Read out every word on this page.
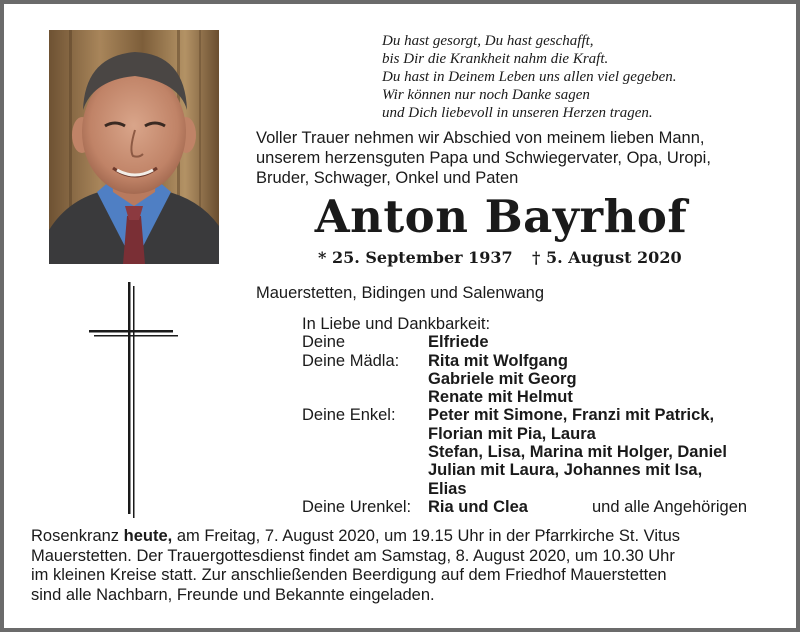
Du hast gesorgt, Du hast geschafft,
bis Dir die Krankheit nahm die Kraft.
Du hast in Deinem Leben uns allen viel gegeben.
Wir können nur noch Danke sagen
und Dich liebevoll in unseren Herzen tragen.
Voller Trauer nehmen wir Abschied von meinem lieben Mann,
unserem herzensguten Papa und Schwiegervater, Opa, Uropi,
Bruder, Schwager, Onkel und Paten
Anton Bayrhof
* 25. September 1937 † 5. August 2020
Mauerstetten, Bidingen und Salenwang
In Liebe und Dankbarkeit:
Deine	Elfriede
Deine Mädla:	Rita mit Wolfgang
Gabriele mit Georg
Renate mit Helmut
Deine Enkel:	Peter mit Simone, Franzi mit Patrick,
Florian mit Pia, Laura
Stefan, Lisa, Marina mit Holger, Daniel
Julian mit Laura, Johannes mit Isa,
Elias
Deine Urenkel:	Ria und Clea	und alle Angehörigen
Rosenkranz heute, am Freitag, 7. August 2020, um 19.15 Uhr in der Pfarrkirche St. Vitus
Mauerstetten. Der Trauergottesdienst findet am Samstag, 8. August 2020, um 10.30 Uhr
im kleinen Kreise statt. Zur anschließenden Beerdigung auf dem Friedhof Mauerstetten
sind alle Nachbarn, Freunde und Bekannte eingeladen.
